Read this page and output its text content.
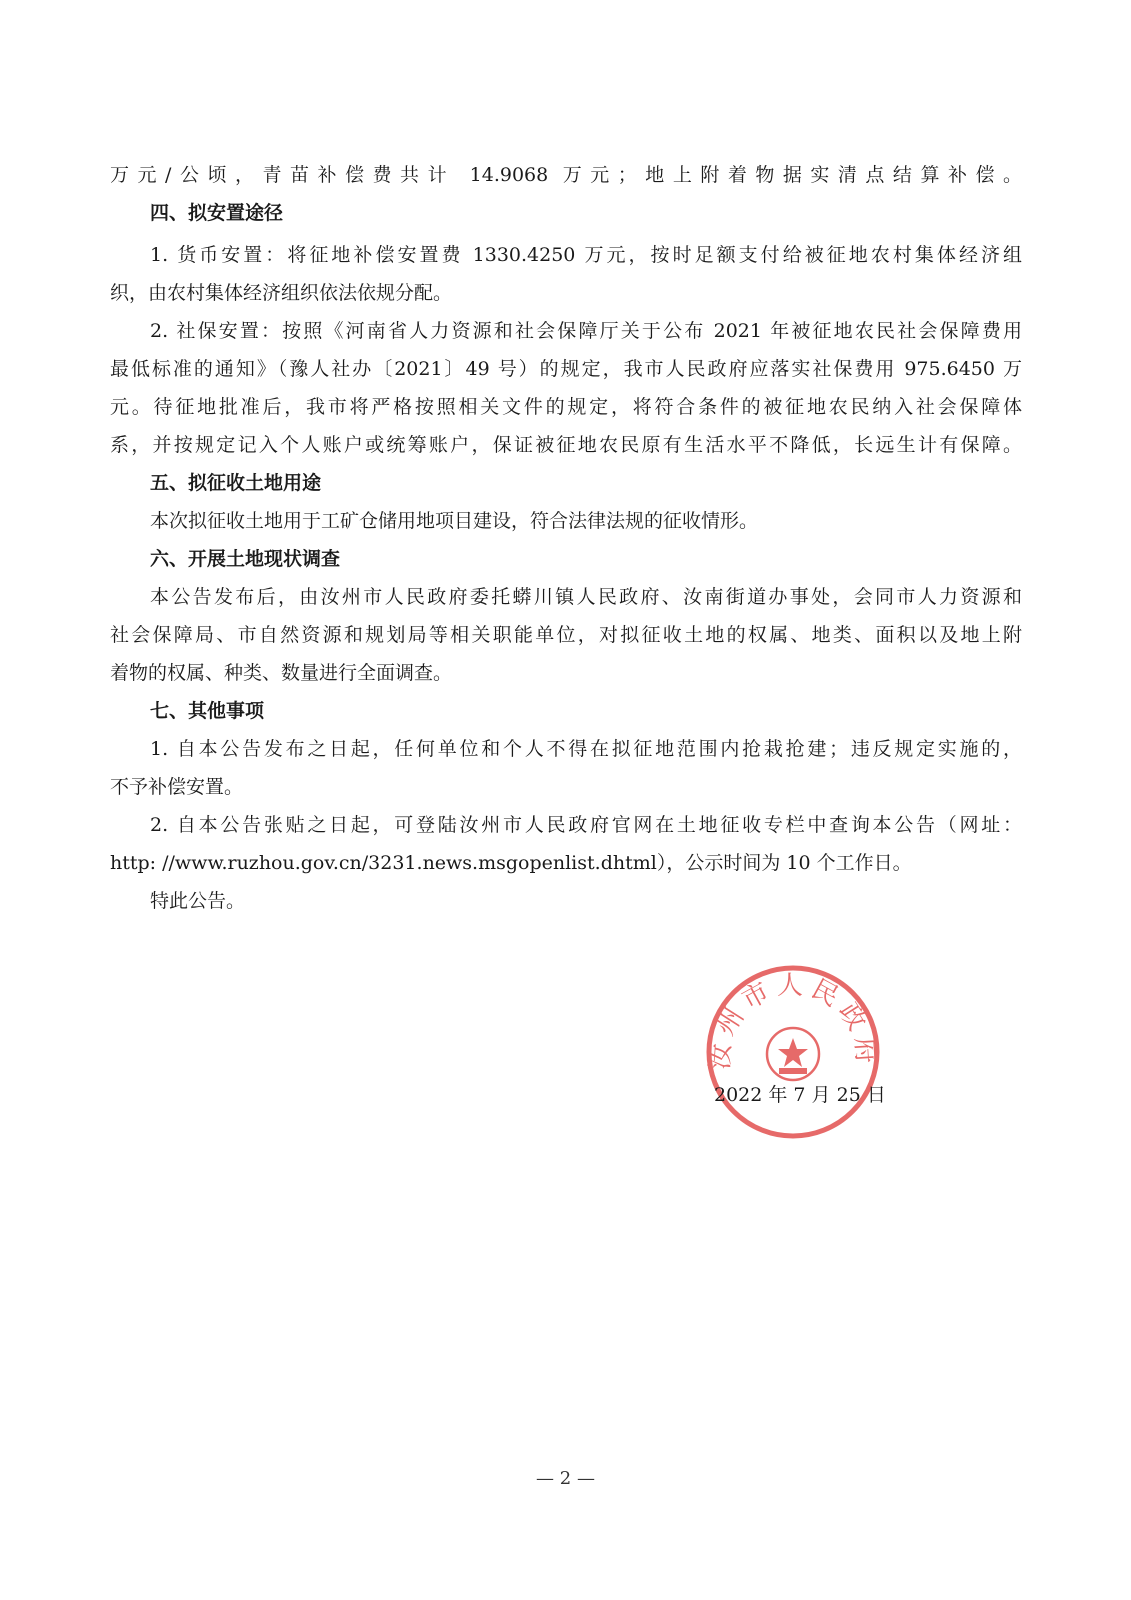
万元/公顷，青苗补偿费共计 14.9068 万元；地上附着物据实清点结算补偿。
四、拟安置途径
1. 货币安置：将征地补偿安置费 1330.4250 万元，按时足额支付给被征地农村集体经济组
织，由农村集体经济组织依法依规分配。
2. 社保安置：按照《河南省人力资源和社会保障厅关于公布 2021 年被征地农民社会保障费用
最低标准的通知》（豫人社办〔2021〕49 号）的规定，我市人民政府应落实社保费用 975.6450 万
元。待征地批准后，我市将严格按照相关文件的规定，将符合条件的被征地农民纳入社会保障体
系，并按规定记入个人账户或统筹账户，保证被征地农民原有生活水平不降低，长远生计有保障。
五、拟征收土地用途
本次拟征收土地用于工矿仓储用地项目建设，符合法律法规的征收情形。
六、开展土地现状调查
本公告发布后，由汝州市人民政府委托蟒川镇人民政府、汝南街道办事处，会同市人力资源和
社会保障局、市自然资源和规划局等相关职能单位，对拟征收土地的权属、地类、面积以及地上附
着物的权属、种类、数量进行全面调查。
七、其他事项
1. 自本公告发布之日起，任何单位和个人不得在拟征地范围内抢栽抢建；违反规定实施的，
不予补偿安置。
2. 自本公告张贴之日起，可登陆汝州市人民政府官网在土地征收专栏中查询本公告（网址：
http: //www.ruzhou.gov.cn/3231.news.msgopenlist.dhtml），公示时间为 10 个工作日。
特此公告。
汝州市人民政府
2022 年 7 月 25 日
— 2 —
